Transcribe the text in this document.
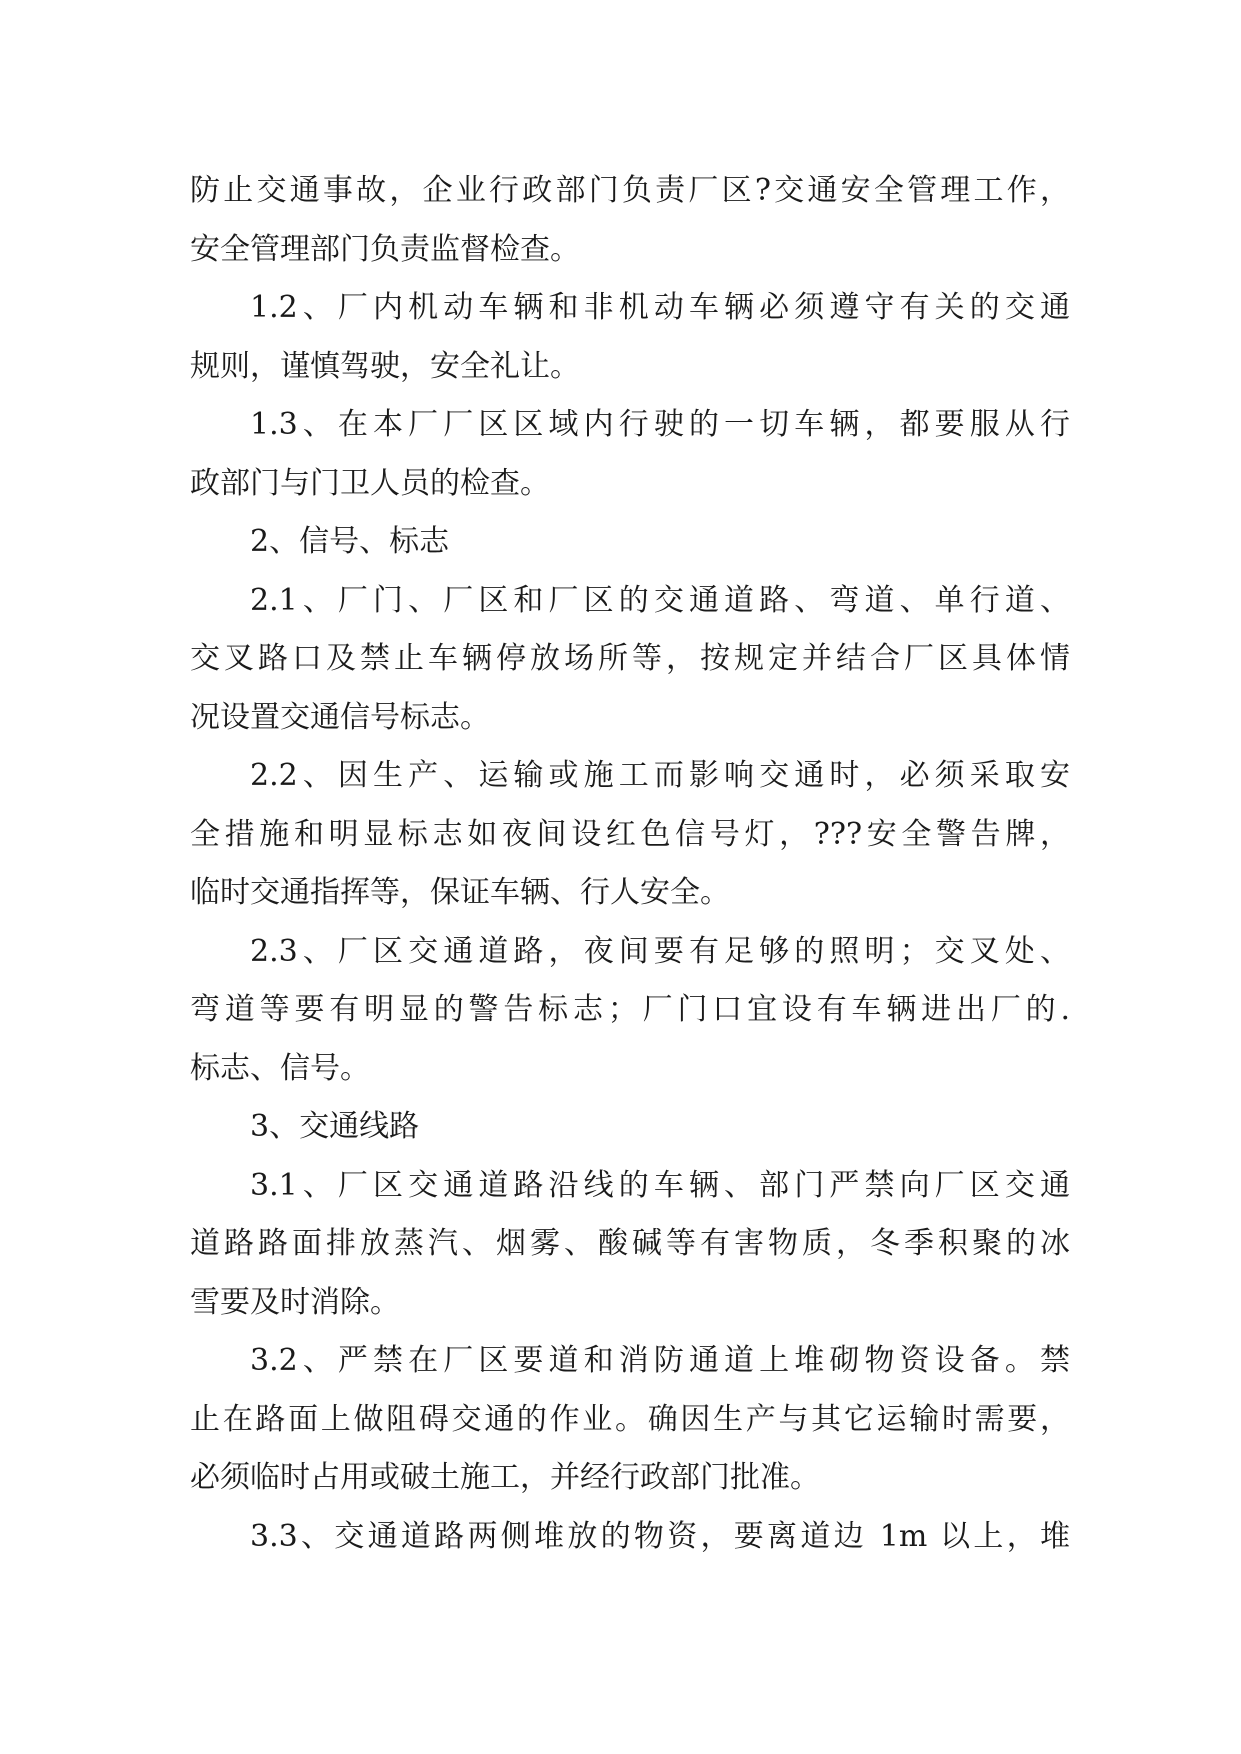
防止交通事故，企业行政部门负责厂区?交通安全管理工作，
安全管理部门负责监督检查。
1.2、厂内机动车辆和非机动车辆必须遵守有关的交通
规则，谨慎驾驶，安全礼让。
1.3、在本厂厂区区域内行驶的一切车辆，都要服从行
政部门与门卫人员的检查。
2、信号、标志
2.1、厂门、厂区和厂区的交通道路、弯道、单行道、
交叉路口及禁止车辆停放场所等，按规定并结合厂区具体情
况设置交通信号标志。
2.2、因生产、运输或施工而影响交通时，必须采取安
全措施和明显标志如夜间设红色信号灯，???安全警告牌，
临时交通指挥等，保证车辆、行人安全。
2.3、厂区交通道路，夜间要有足够的照明；交叉处、
弯道等要有明显的警告标志；厂门口宜设有车辆进出厂的.
标志、信号。
3、交通线路
3.1、厂区交通道路沿线的车辆、部门严禁向厂区交通
道路路面排放蒸汽、烟雾、酸碱等有害物质，冬季积聚的冰
雪要及时消除。
3.2、严禁在厂区要道和消防通道上堆砌物资设备。禁
止在路面上做阻碍交通的作业。确因生产与其它运输时需要，
必须临时占用或破土施工，并经行政部门批准。
3.3、交通道路两侧堆放的物资，要离道边 1m 以上，堆
